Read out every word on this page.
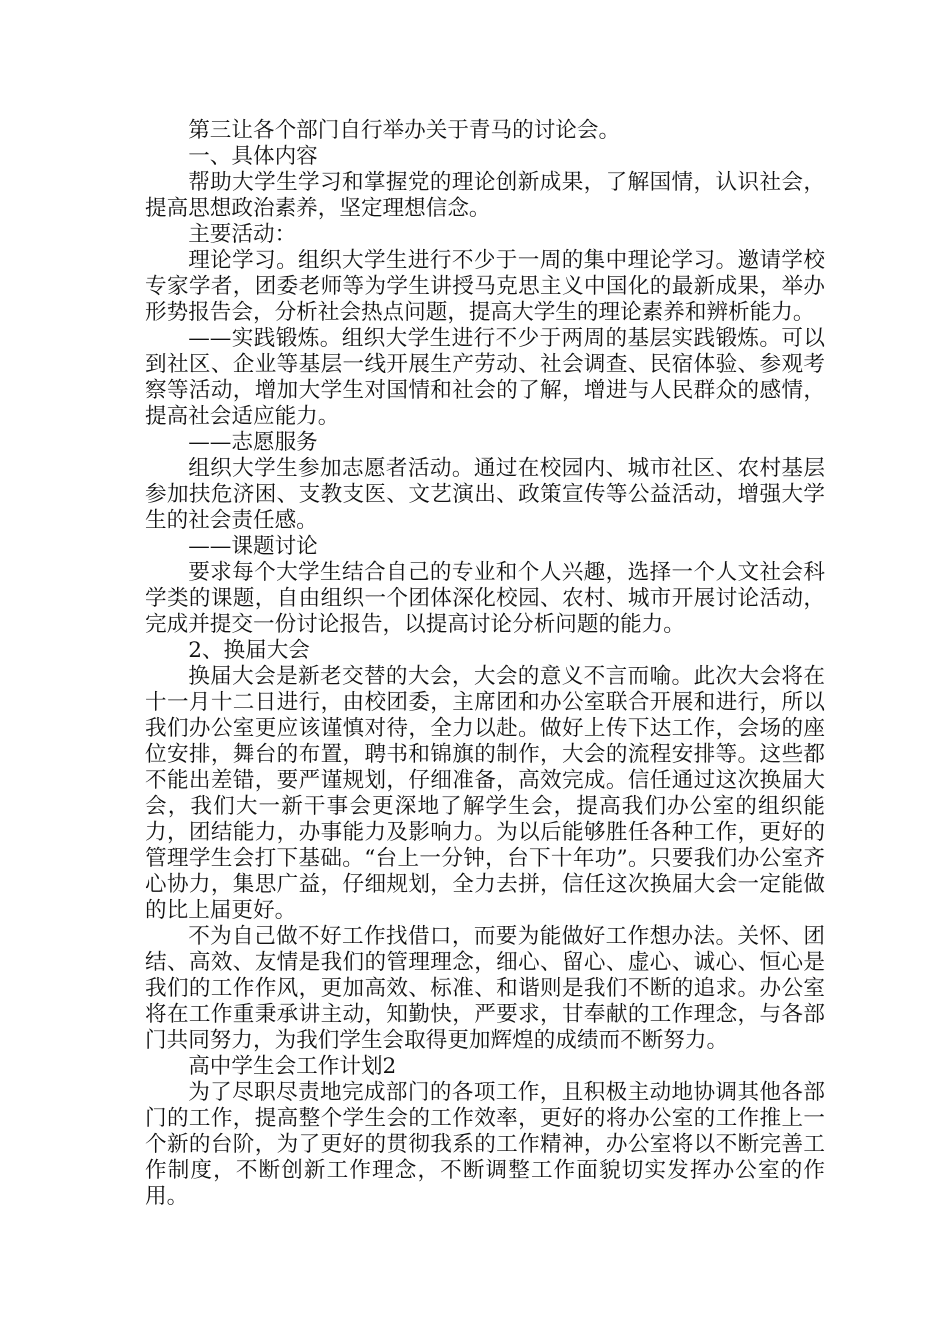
第三让各个部门自行举办关于青马的讨论会。

一、具体内容

帮助大学生学习和掌握党的理论创新成果，了解国情，认识社会，提高思想政治素养，坚定理想信念。

主要活动：

理论学习。组织大学生进行不少于一周的集中理论学习。邀请学校专家学者，团委老师等为学生讲授马克思主义中国化的最新成果，举办形势报告会，分析社会热点问题，提高大学生的理论素养和辨析能力。

——实践锻炼。组织大学生进行不少于两周的基层实践锻炼。可以到社区、企业等基层一线开展生产劳动、社会调查、民宿体验、参观考察等活动，增加大学生对国情和社会的了解，增进与人民群众的感情，提高社会适应能力。

——志愿服务

组织大学生参加志愿者活动。通过在校园内、城市社区、农村基层参加扶危济困、支教支医、文艺演出、政策宣传等公益活动，增强大学生的社会责任感。

——课题讨论

要求每个大学生结合自己的专业和个人兴趣，选择一个人文社会科学类的课题，自由组织一个团体深化校园、农村、城市开展讨论活动，完成并提交一份讨论报告，以提高讨论分析问题的能力。

2、换届大会

换届大会是新老交替的大会，大会的意义不言而喻。此次大会将在十一月十二日进行，由校团委，主席团和办公室联合开展和进行，所以我们办公室更应该谨慎对待，全力以赴。做好上传下达工作，会场的座位安排，舞台的布置，聘书和锦旗的制作，大会的流程安排等。这些都不能出差错，要严谨规划，仔细准备，高效完成。信任通过这次换届大会，我们大一新干事会更深地了解学生会，提高我们办公室的组织能力，团结能力，办事能力及影响力。为以后能够胜任各种工作，更好的管理学生会打下基础。“台上一分钟，台下十年功”。只要我们办公室齐心协力，集思广益，仔细规划，全力去拼，信任这次换届大会一定能做的比上届更好。

不为自己做不好工作找借口，而要为能做好工作想办法。关怀、团结、高效、友情是我们的管理理念，细心、留心、虚心、诚心、恒心是我们的工作作风，更加高效、标准、和谐则是我们不断的追求。办公室将在工作重秉承讲主动，知勤快，严要求，甘奉献的工作理念，与各部门共同努力，为我们学生会取得更加辉煌的成绩而不断努力。

高中学生会工作计划2

为了尽职尽责地完成部门的各项工作，且积极主动地协调其他各部门的工作，提高整个学生会的工作效率，更好的将办公室的工作推上一个新的台阶，为了更好的贯彻我系的工作精神，办公室将以不断完善工作制度，不断创新工作理念，不断调整工作面貌切实发挥办公室的作用。
